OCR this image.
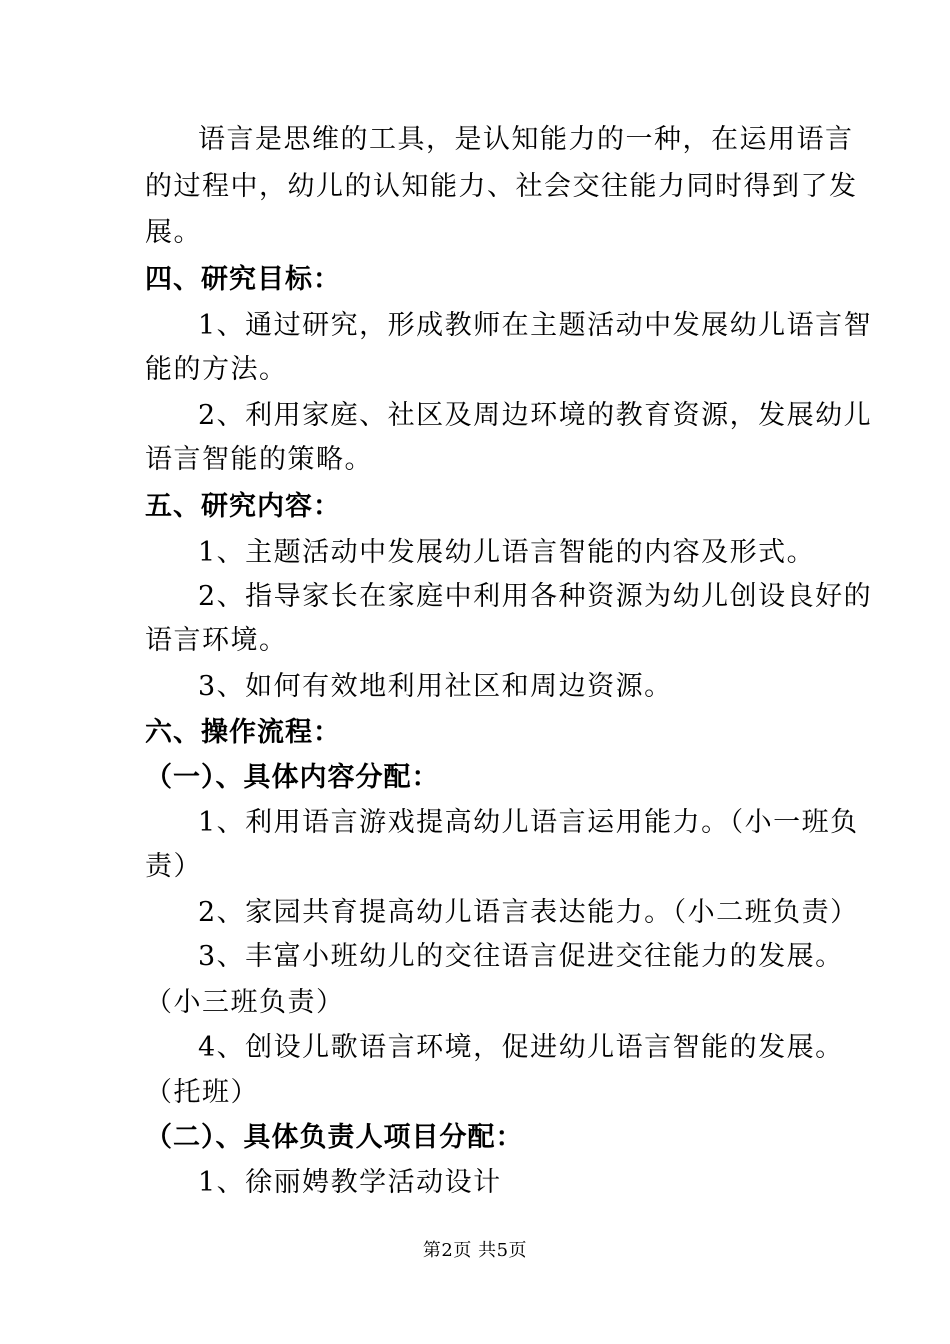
语言是思维的工具，是认知能力的一种，在运用语言
的过程中，幼儿的认知能力、社会交往能力同时得到了发
展。
四、研究目标：
1、通过研究，形成教师在主题活动中发展幼儿语言智
能的方法。
2、利用家庭、社区及周边环境的教育资源，发展幼儿
语言智能的策略。
五、研究内容：
1、主题活动中发展幼儿语言智能的内容及形式。
2、指导家长在家庭中利用各种资源为幼儿创设良好的
语言环境。
3、如何有效地利用社区和周边资源。
六、操作流程：
（一）、具体内容分配：
1、利用语言游戏提高幼儿语言运用能力。（小一班负
责）
2、家园共育提高幼儿语言表达能力。（小二班负责）
3、丰富小班幼儿的交往语言促进交往能力的发展。
（小三班负责）
4、创设儿歌语言环境，促进幼儿语言智能的发展。
（托班）
（二）、具体负责人项目分配：
1、徐丽娉教学活动设计
第2页 共5页
